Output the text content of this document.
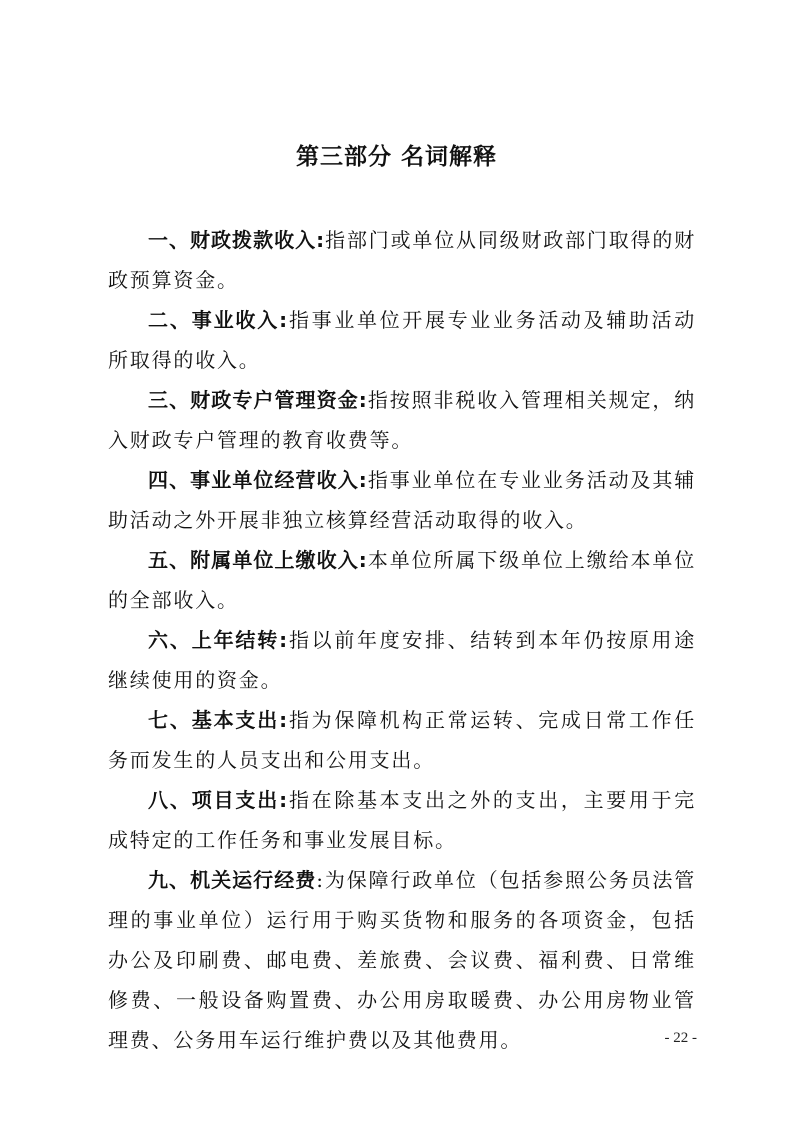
第三部分 名词解释

一、财政拨款收入:指部门或单位从同级财政部门取得的财政预算资金。

二、事业收入:指事业单位开展专业业务活动及辅助活动所取得的收入。

三、财政专户管理资金:指按照非税收入管理相关规定，纳入财政专户管理的教育收费等。

四、事业单位经营收入:指事业单位在专业业务活动及其辅助活动之外开展非独立核算经营活动取得的收入。

五、附属单位上缴收入:本单位所属下级单位上缴给本单位的全部收入。

六、上年结转:指以前年度安排、结转到本年仍按原用途继续使用的资金。

七、基本支出:指为保障机构正常运转、完成日常工作任务而发生的人员支出和公用支出。

八、项目支出:指在除基本支出之外的支出，主要用于完成特定的工作任务和事业发展目标。

九、机关运行经费:为保障行政单位（包括参照公务员法管理的事业单位）运行用于购买货物和服务的各项资金，包括办公及印刷费、邮电费、差旅费、会议费、福利费、日常维修费、一般设备购置费、办公用房取暖费、办公用房物业管理费、公务用车运行维护费以及其他费用。	- 22 -
